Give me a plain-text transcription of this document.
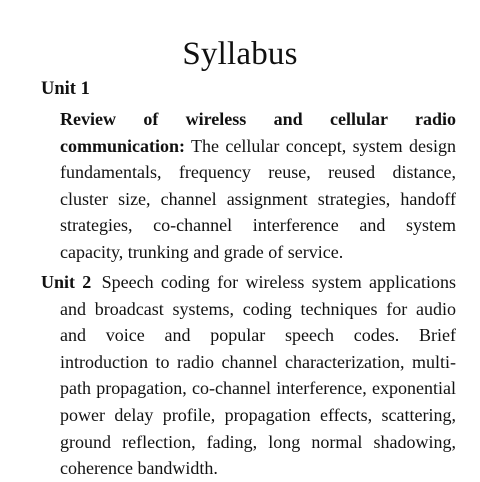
Syllabus
Unit 1
Review of wireless and cellular radio communication: The cellular concept, system design fundamentals, frequency reuse, reused distance, cluster size, channel assignment strategies, handoff strategies, co-channel interference and system capacity, trunking and grade of service.
Unit 2 Speech coding for wireless system applications and broadcast systems, coding techniques for audio and voice and popular speech codes. Brief introduction to radio channel characterization, multi-path propagation, co-channel interference, exponential power delay profile, propagation effects, scattering, ground reflection, fading, long normal shadowing, coherence bandwidth.
